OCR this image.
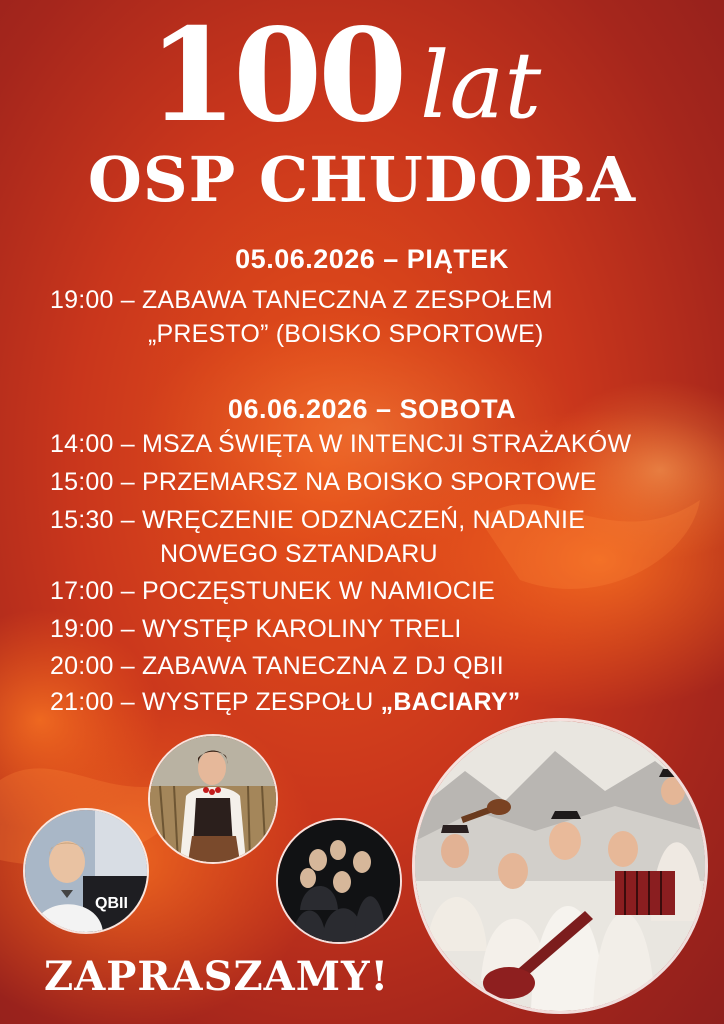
100 lat
OSP CHUDOBA
05.06.2026 – PIĄTEK
19:00 – ZABAWA TANECZNA Z ZESPOŁEM
„PRESTO” (BOISKO SPORTOWE)
06.06.2026 – SOBOTA
14:00 – MSZA ŚWIĘTA W INTENCJI STRAŻAKÓW
15:00 – PRZEMARSZ NA BOISKO SPORTOWE
15:30 – WRĘCZENIE ODZNACZEŃ, NADANIE
NOWEGO SZTANDARU
17:00 – POCZĘSTUNEK W NAMIOCIE
19:00 – WYSTĘP KAROLINY TRELI
20:00 – ZABAWA TANECZNA Z DJ QBII
21:00 – WYSTĘP ZESPOŁU „BACIARY”
QBII
ZAPRASZAMY!
